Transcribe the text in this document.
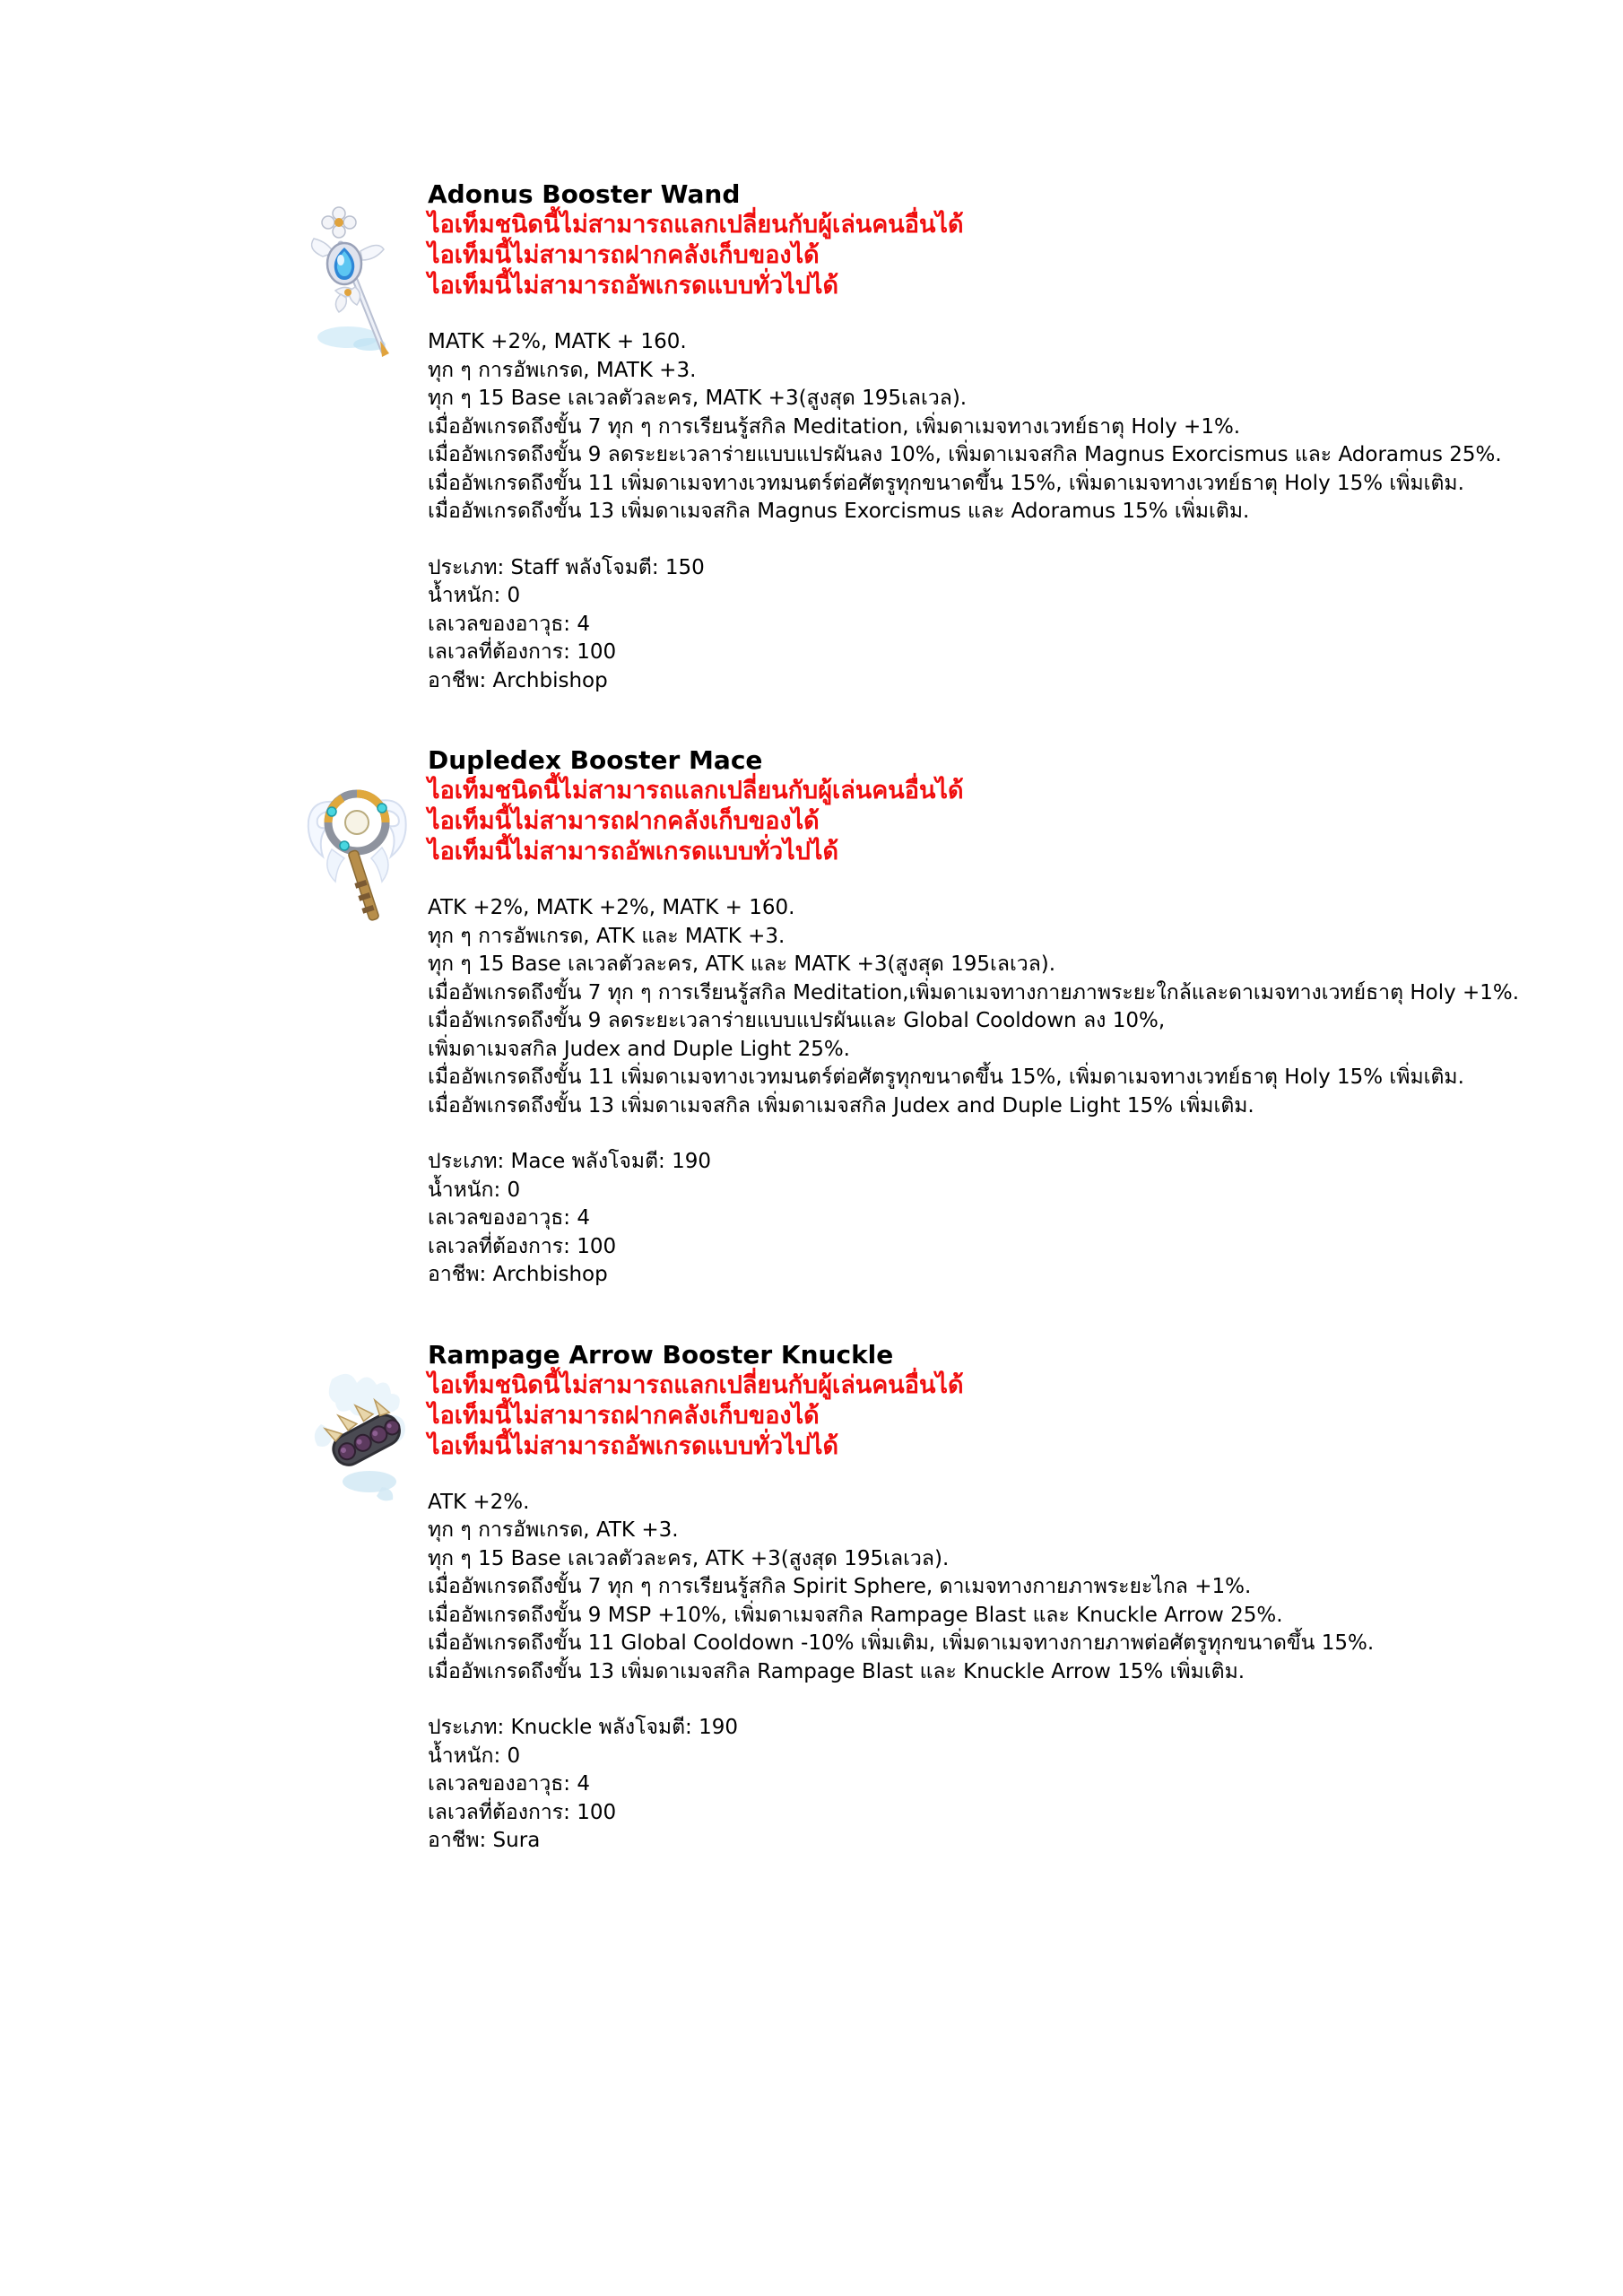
Adonus Booster Wand
ไอเท็มชนิดนี้ไม่สามารถแลกเปลี่ยนกับผู้เล่นคนอื่นได้
ไอเท็มนี้ไม่สามารถฝากคลังเก็บของได้
ไอเท็มนี้ไม่สามารถอัพเกรดแบบทั่วไปได้
MATK +2%, MATK + 160.
ทุก ๆ การอัพเกรด, MATK +3.
ทุก ๆ 15 Base เลเวลตัวละคร, MATK +3(สูงสุด 195เลเวล).
เมื่ออัพเกรดถึงขั้น 7 ทุก ๆ การเรียนรู้สกิล Meditation, เพิ่มดาเมจทางเวทย์ธาตุ Holy +1%.
เมื่ออัพเกรดถึงขั้น 9 ลดระยะเวลาร่ายแบบแปรผันลง 10%, เพิ่มดาเมจสกิล Magnus Exorcismus และ Adoramus 25%.
เมื่ออัพเกรดถึงขั้น 11 เพิ่มดาเมจทางเวทมนตร์ต่อศัตรูทุกขนาดขึ้น 15%, เพิ่มดาเมจทางเวทย์ธาตุ Holy 15% เพิ่มเติม.
เมื่ออัพเกรดถึงขั้น 13 เพิ่มดาเมจสกิล Magnus Exorcismus และ Adoramus 15% เพิ่มเติม.
ประเภท: Staff พลังโจมตี: 150
น้ำหนัก: 0
เลเวลของอาวุธ: 4
เลเวลที่ต้องการ: 100
อาชีพ: Archbishop
Dupledex Booster Mace
ไอเท็มชนิดนี้ไม่สามารถแลกเปลี่ยนกับผู้เล่นคนอื่นได้
ไอเท็มนี้ไม่สามารถฝากคลังเก็บของได้
ไอเท็มนี้ไม่สามารถอัพเกรดแบบทั่วไปได้
ATK +2%, MATK +2%, MATK + 160.
ทุก ๆ การอัพเกรด, ATK และ MATK +3.
ทุก ๆ 15 Base เลเวลตัวละคร, ATK และ MATK +3(สูงสุด 195เลเวล).
เมื่ออัพเกรดถึงขั้น 7 ทุก ๆ การเรียนรู้สกิล Meditation,เพิ่มดาเมจทางกายภาพระยะใกล้และดาเมจทางเวทย์ธาตุ Holy +1%.
เมื่ออัพเกรดถึงขั้น 9 ลดระยะเวลาร่ายแบบแปรผันและ Global Cooldown ลง 10%,
เพิ่มดาเมจสกิล Judex and Duple Light 25%.
เมื่ออัพเกรดถึงขั้น 11 เพิ่มดาเมจทางเวทมนตร์ต่อศัตรูทุกขนาดขึ้น 15%, เพิ่มดาเมจทางเวทย์ธาตุ Holy 15% เพิ่มเติม.
เมื่ออัพเกรดถึงขั้น 13 เพิ่มดาเมจสกิล เพิ่มดาเมจสกิล Judex and Duple Light 15% เพิ่มเติม.
ประเภท: Mace พลังโจมตี: 190
น้ำหนัก: 0
เลเวลของอาวุธ: 4
เลเวลที่ต้องการ: 100
อาชีพ: Archbishop
Rampage Arrow Booster Knuckle
ไอเท็มชนิดนี้ไม่สามารถแลกเปลี่ยนกับผู้เล่นคนอื่นได้
ไอเท็มนี้ไม่สามารถฝากคลังเก็บของได้
ไอเท็มนี้ไม่สามารถอัพเกรดแบบทั่วไปได้
ATK +2%.
ทุก ๆ การอัพเกรด, ATK +3.
ทุก ๆ 15 Base เลเวลตัวละคร, ATK +3(สูงสุด 195เลเวล).
เมื่ออัพเกรดถึงขั้น 7 ทุก ๆ การเรียนรู้สกิล Spirit Sphere, ดาเมจทางกายภาพระยะไกล +1%.
เมื่ออัพเกรดถึงขั้น 9 MSP +10%, เพิ่มดาเมจสกิล Rampage Blast และ Knuckle Arrow 25%.
เมื่ออัพเกรดถึงขั้น 11 Global Cooldown -10% เพิ่มเติม, เพิ่มดาเมจทางกายภาพต่อศัตรูทุกขนาดขึ้น 15%.
เมื่ออัพเกรดถึงขั้น 13 เพิ่มดาเมจสกิล Rampage Blast และ Knuckle Arrow 15% เพิ่มเติม.
ประเภท: Knuckle พลังโจมตี: 190
น้ำหนัก: 0
เลเวลของอาวุธ: 4
เลเวลที่ต้องการ: 100
อาชีพ: Sura
